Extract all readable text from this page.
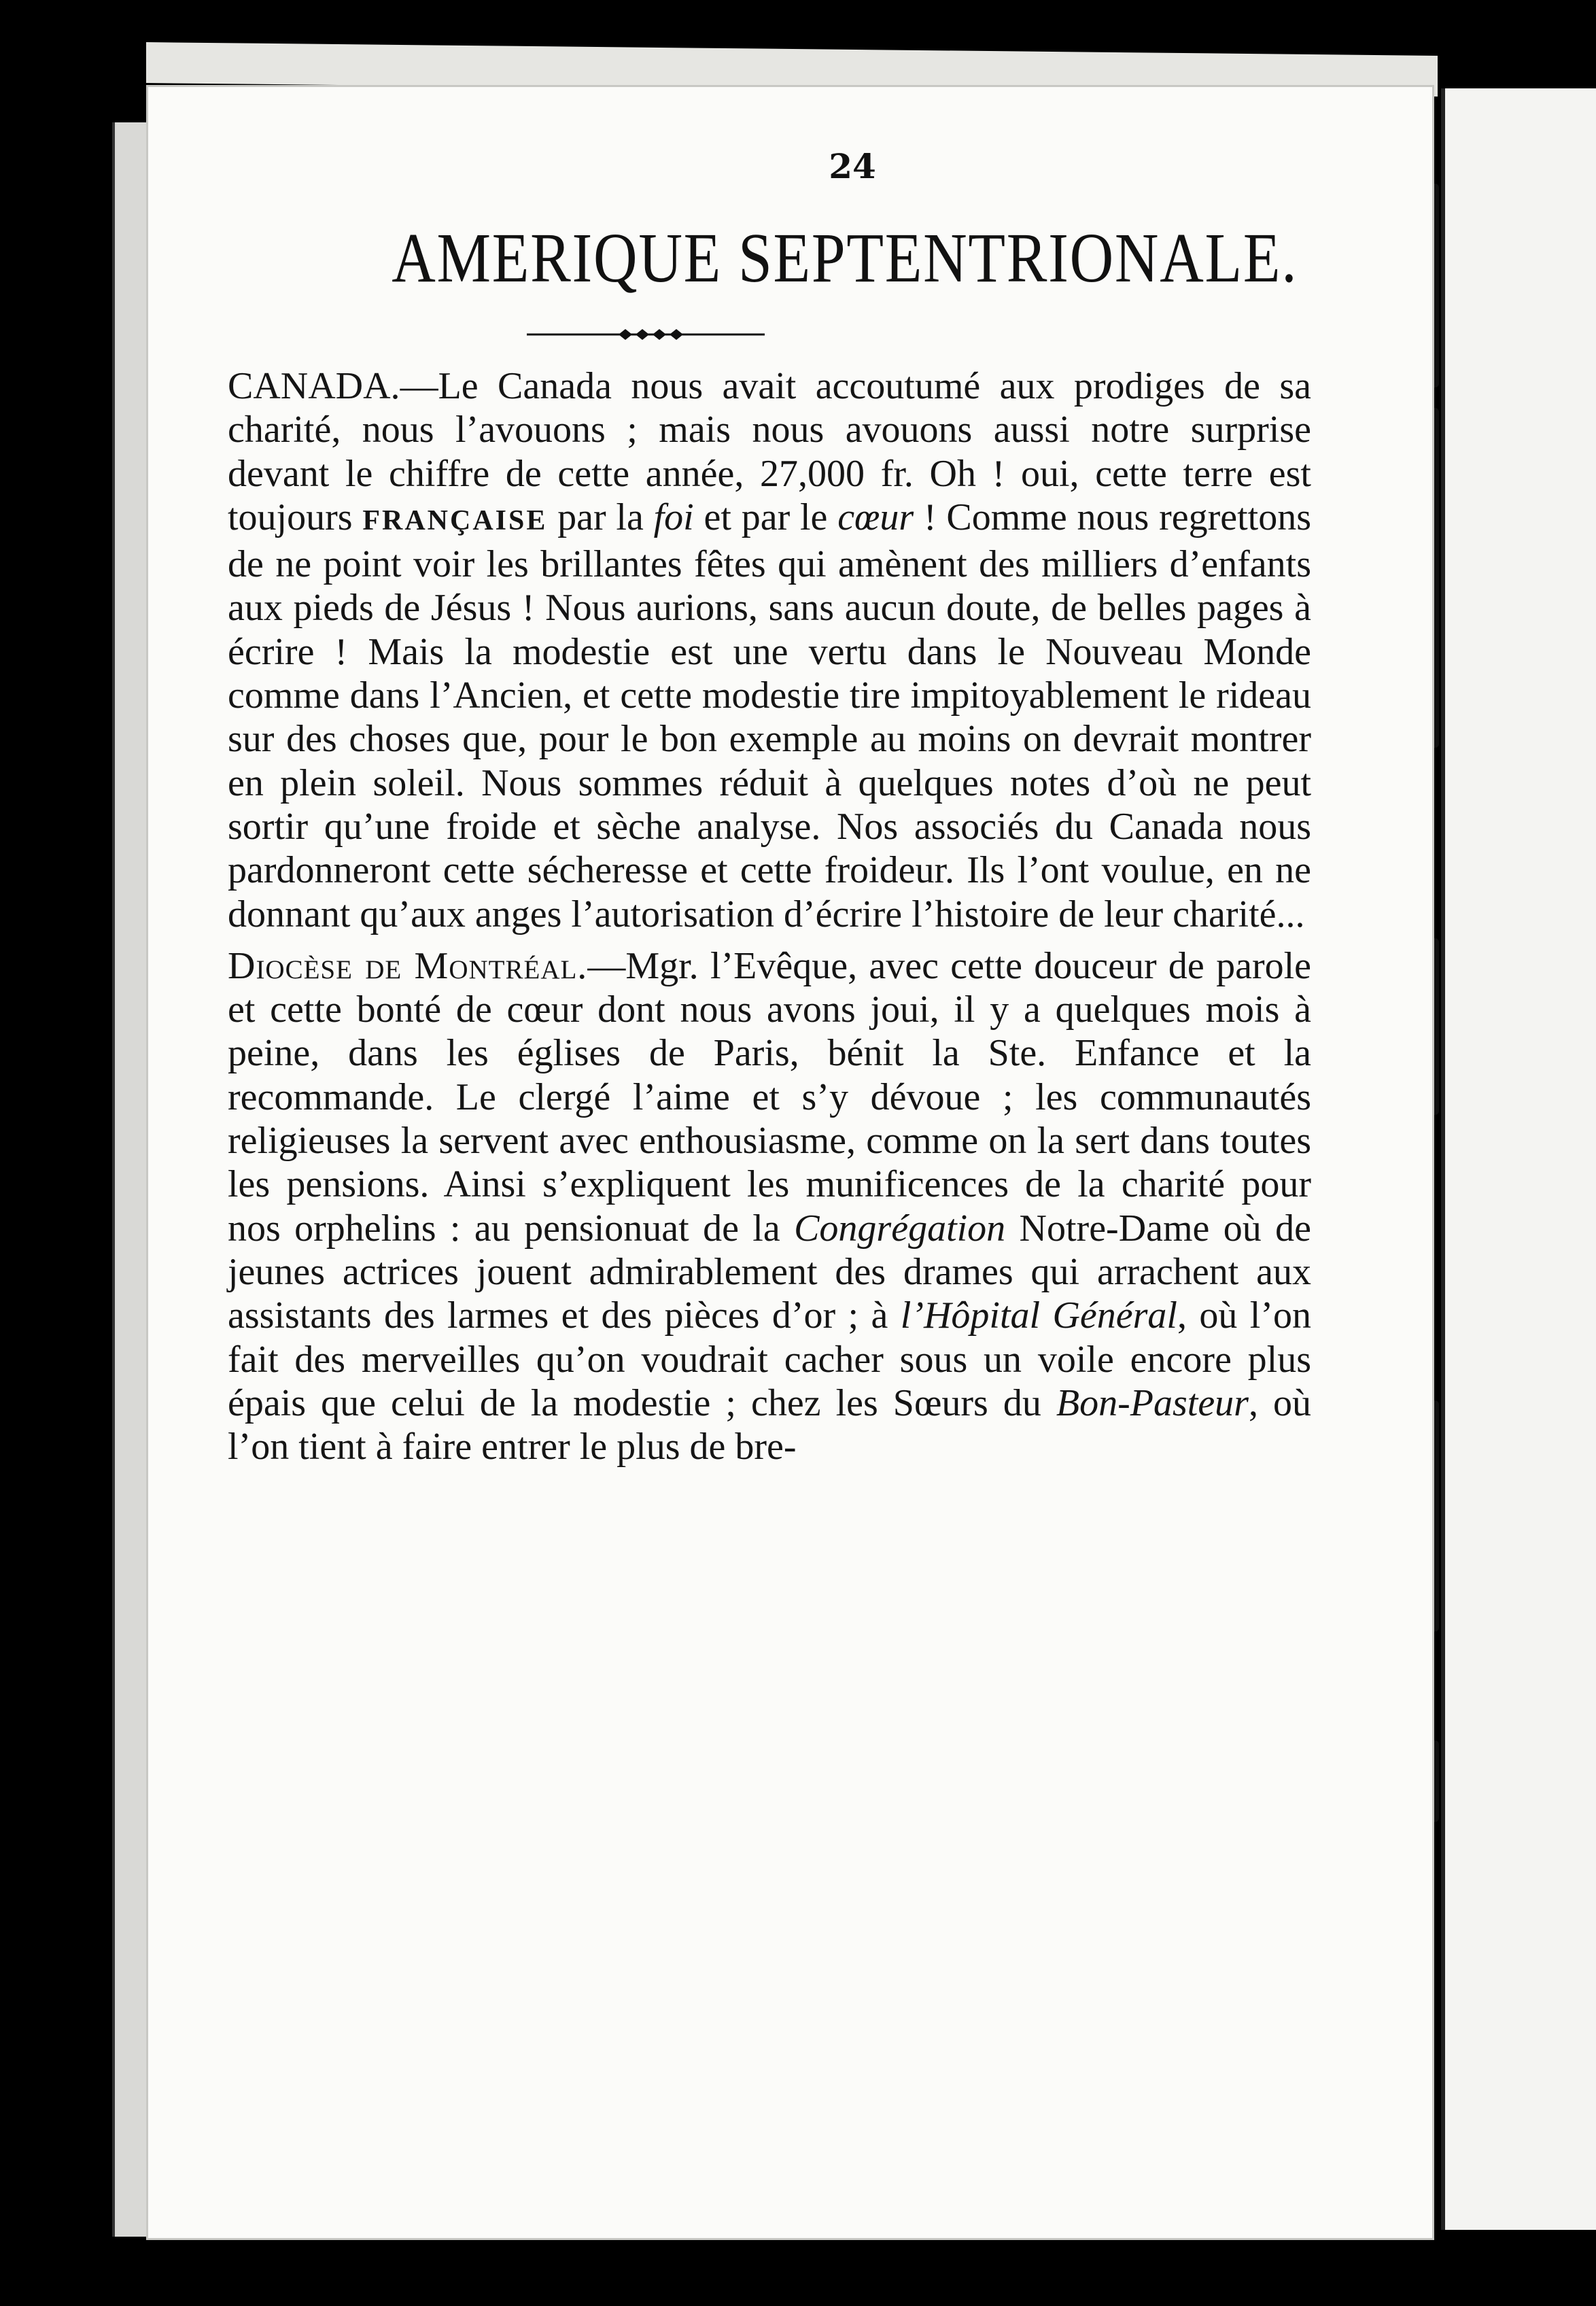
24
AMERIQUE SEPTENTRIONALE.

CANADA.—Le Canada nous avait accoutumé aux prodiges de sa charité, nous l’avouons ; mais nous avouons aussi notre surprise devant le chiffre de cette année, 27,000 fr. Oh ! oui, cette terre est toujours FRANÇAISE par la foi et par le cœur ! Comme nous regrettons de ne point voir les brillantes fêtes qui amènent des milliers d’enfants aux pieds de Jésus ! Nous aurions, sans aucun doute, de belles pages à écrire ! Mais la modestie est une vertu dans le Nouveau Monde comme dans l’Ancien, et cette modestie tire impitoyablement le rideau sur des choses que, pour le bon exemple au moins on devrait montrer en plein soleil. Nous sommes réduit à quelques notes d’où ne peut sortir qu’une froide et sèche analyse. Nos associés du Canada nous pardonneront cette sécheresse et cette froideur. Ils l’ont voulue, en ne donnant qu’aux anges l’autorisation d’écrire l’histoire de leur charité...

Diocèse de Montréal.—Mgr. l’Evêque, avec cette douceur de parole et cette bonté de cœur dont nous avons joui, il y a quelques mois à peine, dans les églises de Paris, bénit la Ste. Enfance et la recommande. Le clergé l’aime et s’y dévoue ; les communautés religieuses la servent avec enthousiasme, comme on la sert dans toutes les pensions. Ainsi s’expliquent les munificences de la charité pour nos orphelins : au pensionuat de la Congrégation Notre-Dame où de jeunes actrices jouent admirablement des drames qui arrachent aux assistants des larmes et des pièces d’or ; à l’Hôpital Général, où l’on fait des merveilles qu’on voudrait cacher sous un voile encore plus épais que celui de la modestie ; chez les Sœurs du Bon-Pasteur, où l’on tient à faire entrer le plus de bre-
